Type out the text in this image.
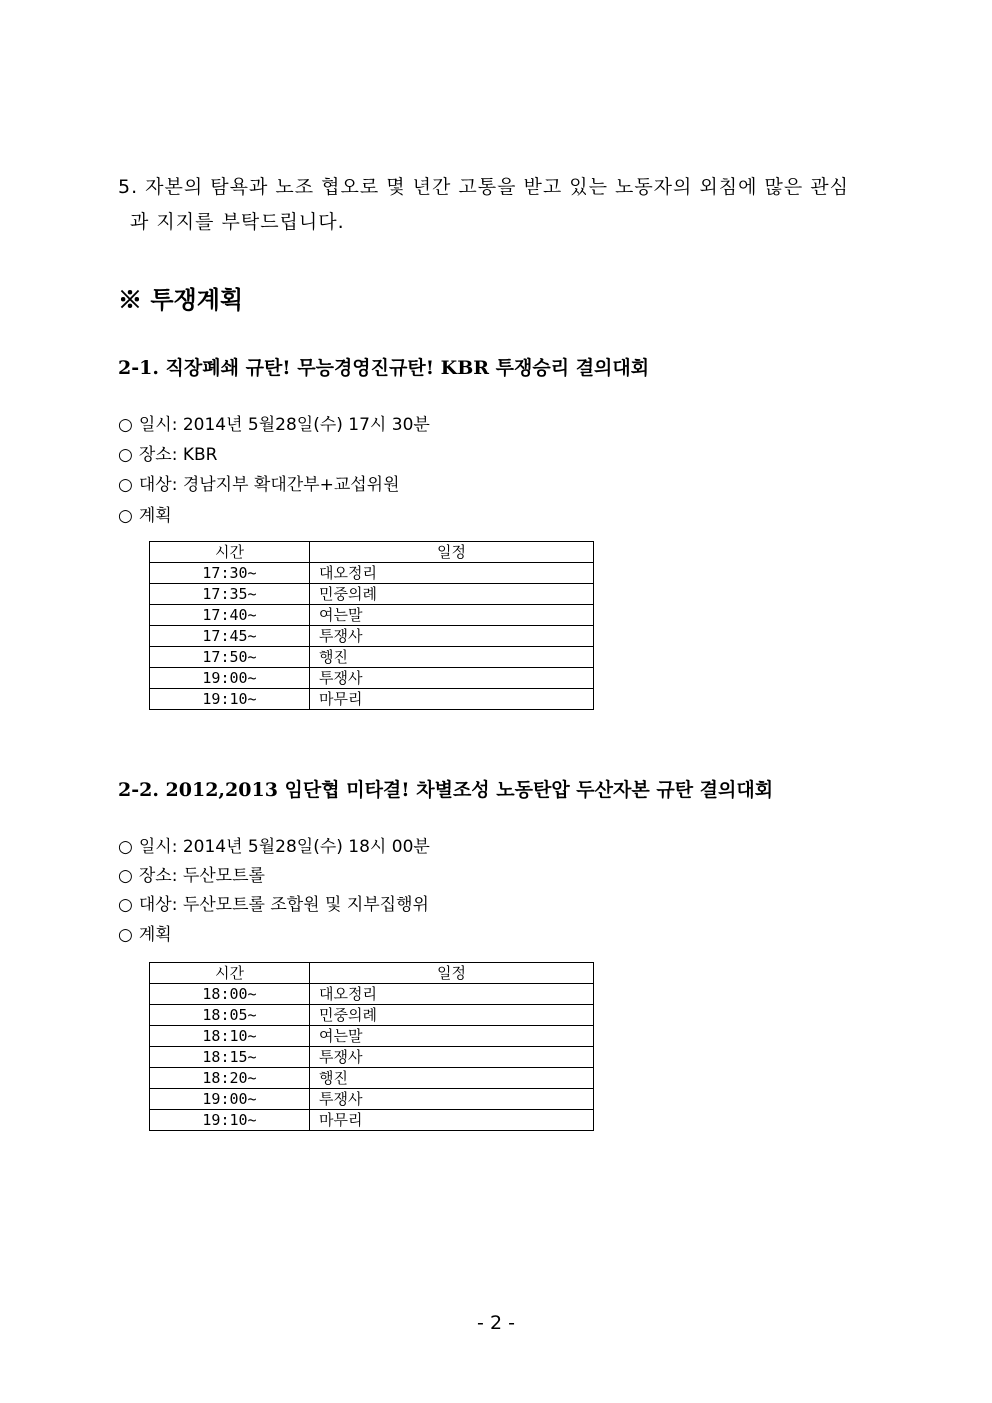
5. 자본의 탐욕과 노조 협오로 몇 년간 고통을 받고 있는 노동자의 외침에 많은 관심
과 지지를 부탁드립니다.
※ 투쟁계획
2-1. 직장폐쇄 규탄! 무능경영진규탄! KBR 투쟁승리 결의대회
○ 일시: 2014년 5월28일(수) 17시 30분
○ 장소: KBR
○ 대상: 경남지부 확대간부+교섭위원
○ 계획
시간	일정
17:30~	대오정리
17:35~	민중의례
17:40~	여는말
17:45~	투쟁사
17:50~	행진
19:00~	투쟁사
19:10~	마무리
2-2. 2012,2013 임단협 미타결! 차별조성 노동탄압 두산자본 규탄 결의대회
○ 일시: 2014년 5월28일(수) 18시 00분
○ 장소: 두산모트롤
○ 대상: 두산모트롤 조합원 및 지부집행위
○ 계획
시간	일정
18:00~	대오정리
18:05~	민중의례
18:10~	여는말
18:15~	투쟁사
18:20~	행진
19:00~	투쟁사
19:10~	마무리
- 2 -
